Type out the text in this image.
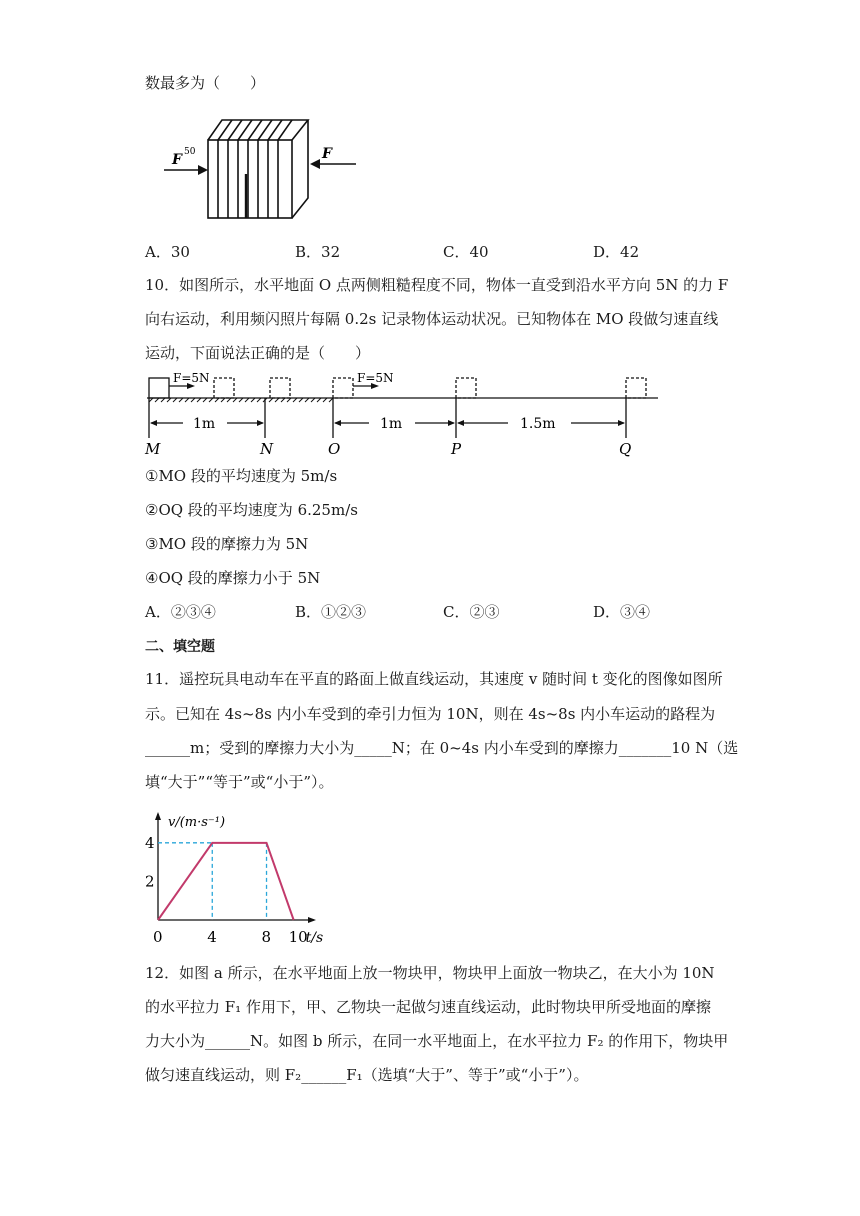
数最多为（　　）
F 50	F
A．30	B．32	C．40	D．42
10．如图所示，水平地面 O 点两侧粗糙程度不同，物体一直受到沿水平方向 5N 的力 F
向右运动，利用频闪照片每隔 0.2s 记录物体运动状况。已知物体在 MO 段做匀速直线
运动，下面说法正确的是（　　）
F=5N	F=5N
1m	1m	1.5m
M	N	O	P	Q
①MO 段的平均速度为 5m/s
②OQ 段的平均速度为 6.25m/s
③MO 段的摩擦力为 5N
④OQ 段的摩擦力小于 5N
A．②③④	B．①②③	C．②③	D．③④
二、填空题
11．遥控玩具电动车在平直的路面上做直线运动，其速度 v 随时间 t 变化的图像如图所
示。已知在 4s~8s 内小车受到的牵引力恒为 10N，则在 4s~8s 内小车运动的路程为
______m；受到的摩擦力大小为_____N；在 0~4s 内小车受到的摩擦力_______10 N（选
填“大于”“等于”或“小于”）。
0	4	8 10
2
4
v/(m·s⁻¹)
t/s
12．如图 a 所示，在水平地面上放一物块甲，物块甲上面放一物块乙，在大小为 10N
的水平拉力 F₁ 作用下，甲、乙物块一起做匀速直线运动，此时物块甲所受地面的摩擦
力大小为______N。如图 b 所示，在同一水平地面上，在水平拉力 F₂ 的作用下，物块甲
做匀速直线运动，则 F₂______F₁（选填“大于”、等于”或“小于”）。
